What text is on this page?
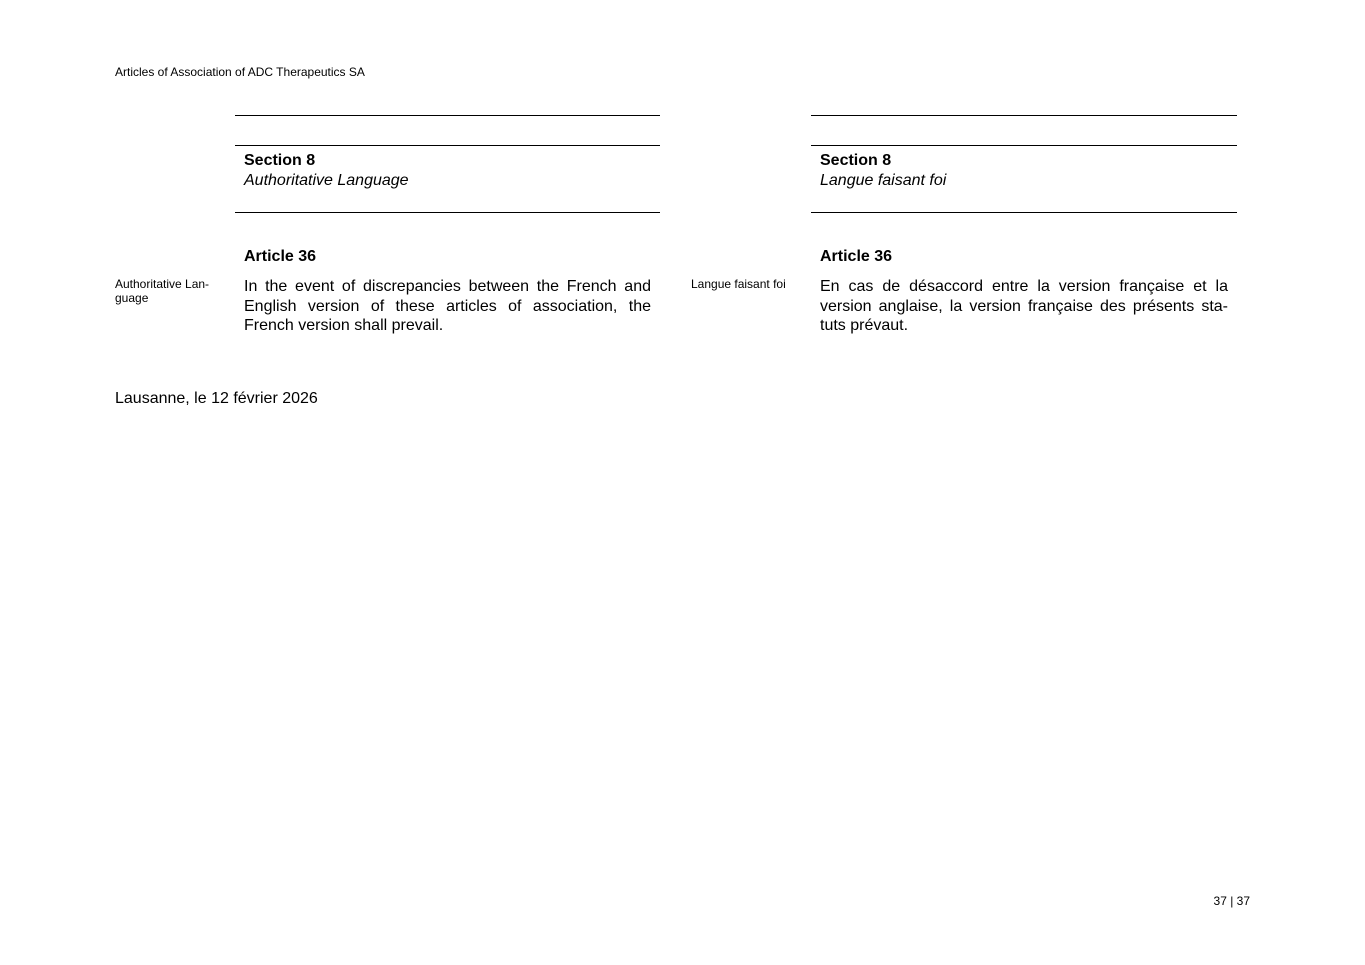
Articles of Association of ADC Therapeutics SA
Section 8
Authoritative Language
Section 8
Langue faisant foi
Article 36
Authoritative Lan-guage
In the event of discrepancies between the French and English version of these articles of association, the French version shall prevail.
Article 36
Langue faisant foi	En cas de désaccord entre la version française et la version anglaise, la version française des présents sta-tuts prévaut.
Lausanne, le 12 février 2026
37 | 37
